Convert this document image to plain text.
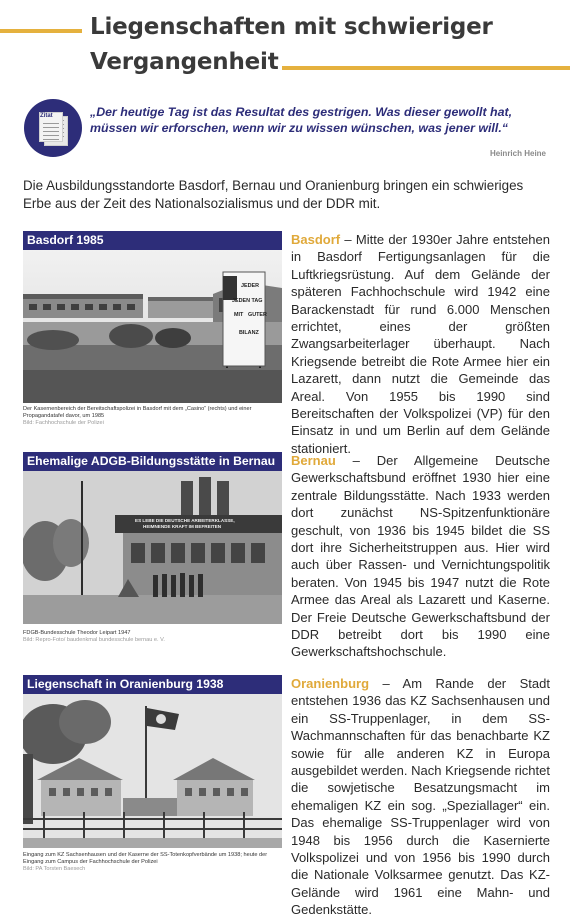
Liegenschaften mit schwieriger
Vergangenheit
Zitat	„Der heutige Tag ist das Resultat des gestrigen. Was dieser gewollt hat, müssen wir erforschen, wenn wir zu wissen wünschen, was jener will.“
Heinrich Heine
Die Ausbildungsstandorte Basdorf, Bernau und Oranienburg bringen ein schwieriges Erbe aus der Zeit des Nationalsozialismus und der DDR mit.
Basdorf 1985
JEDER
JEDEN TAG
MIT GUTER
BILANZ
Der Kasernenbereich der Bereitschaftspolizei in Basdorf mit dem „Casino“ (rechts) und einer Propagandatafel davor, um 1985
Bild: Fachhochschule der Polizei
Basdorf – Mitte der 1930er Jahre entstehen in Basdorf Fertigungsanlagen für die Luftkriegsrüstung. Auf dem Gelände der späteren Fachhochschule wird 1942 eine Barackenstadt für rund 6.000 Menschen errichtet, eines der größten Zwangsarbeiterlager überhaupt. Nach Kriegsende betreibt die Rote Armee hier ein Lazarett, dann nutzt die Gemeinde das Areal. Von 1955 bis 1990 sind Bereitschaften der Volkspolizei (VP) für den Einsatz in und um Berlin auf dem Gelände stationiert.
Ehemalige ADGB-Bildungsstätte in Bernau
ES LEBE DIE DEUTSCHE ARBEITERKLASSE,
HEIMNENDE KRAFT IM BEFREITEN
FDGB-Bundesschule Theodor Leipart 1947
Bild: Repro-Foto/ baudenkmal bundesschule bernau e. V.
Bernau – Der Allgemeine Deutsche Gewerkschaftsbund eröffnet 1930 hier eine zentrale Bildungsstätte. Nach 1933 werden dort zunächst NS-Spitzenfunktionäre geschult, von 1936 bis 1945 bildet die SS dort ihre Sicherheitstruppen aus. Hier wird auch über Rassen- und Vernichtungspolitik beraten. Von 1945 bis 1947 nutzt die Rote Armee das Areal als Lazarett und Kaserne. Der Freie Deutsche Gewerkschaftsbund der DDR betreibt dort bis 1990 eine Gewerkschaftshochschule.
Liegenschaft in Oranienburg 1938
Eingang zum KZ Sachsenhausen und der Kaserne der SS-Totenkopfverbände um 1938; heute der Eingang zum Campus der Fachhochschule der Polizei
Bild: PA Torsten Baesech
Oranienburg – Am Rande der Stadt entstehen 1936 das KZ Sachsenhausen und ein SS-Truppenlager, in dem SS-Wachmannschaften für das benachbarte KZ sowie für alle anderen KZ in Europa ausgebildet werden. Nach Kriegsende richtet die sowjetische Besatzungsmacht im ehemaligen KZ ein sog. „Speziallager“ ein. Das ehemalige SS-Truppenlager wird von 1948 bis 1956 durch die Kasernierte Volkspolizei und von 1956 bis 1990 durch die Nationale Volksarmee genutzt. Das KZ-Gelände wird 1961 eine Mahn- und Gedenkstätte.
